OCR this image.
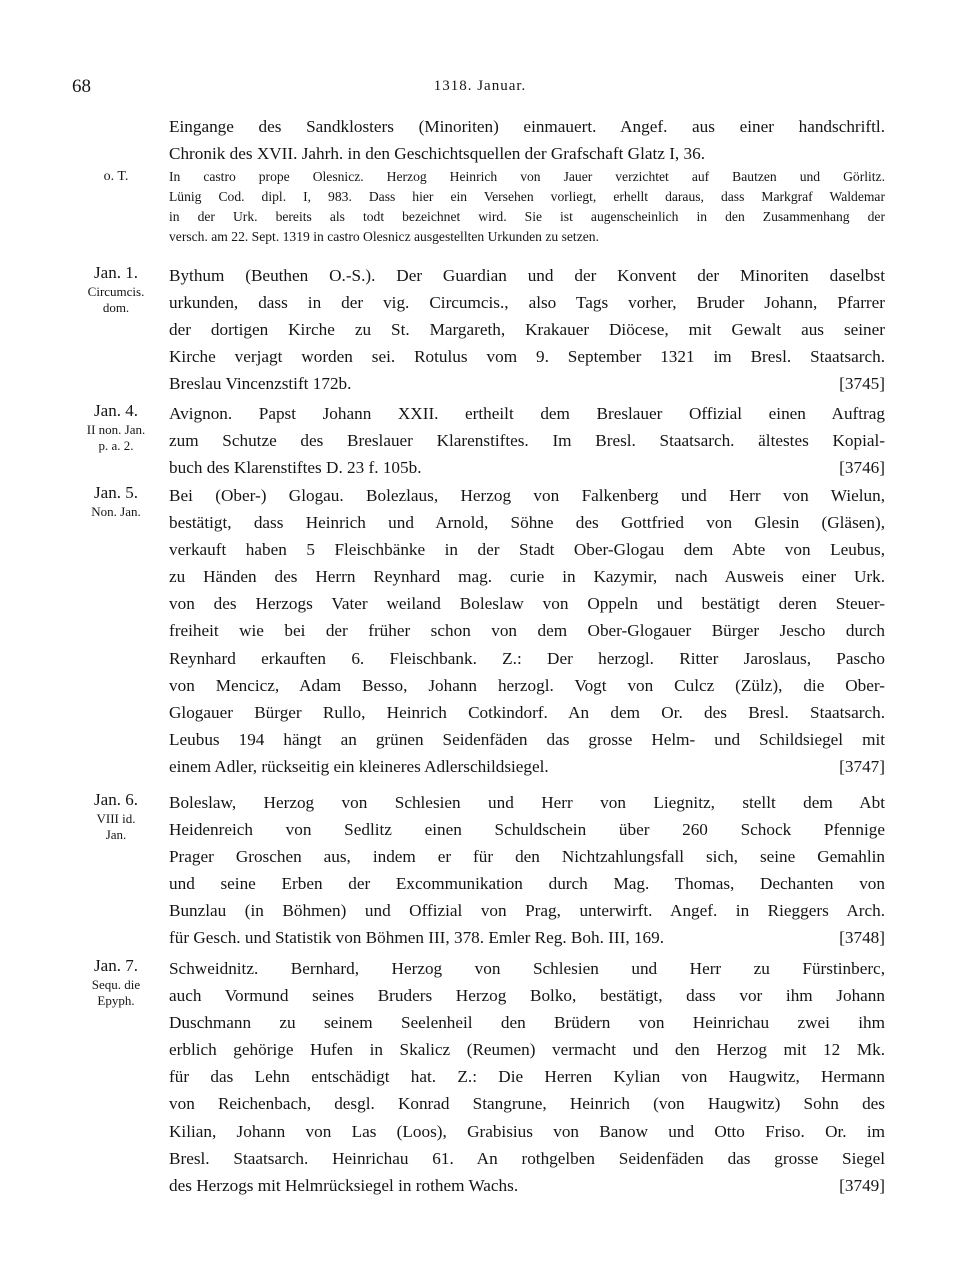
68	1318. Januar.
Eingange des Sandklosters (Minoriten) einmauert. Angef. aus einer handschriftl.
Chronik des XVII. Jahrh. in den Geschichtsquellen der Grafschaft Glatz I, 36.
o. T.	In castro prope Olesnicz. Herzog Heinrich von Jauer verzichtet auf Bautzen und Görlitz.
Lünig Cod. dipl. I, 983. Dass hier ein Versehen vorliegt, erhellt daraus, dass Markgraf Waldemar
in der Urk. bereits als todt bezeichnet wird. Sie ist augenscheinlich in den Zusammenhang der
versch. am 22. Sept. 1319 in castro Olesnicz ausgestellten Urkunden zu setzen.
Jan. 1.
Circumcis.
dom.
Bythum (Beuthen O.-S.). Der Guardian und der Konvent der Minoriten daselbst
urkunden, dass in der vig. Circumcis., also Tags vorher, Bruder Johann, Pfarrer
der dortigen Kirche zu St. Margareth, Krakauer Diöcese, mit Gewalt aus seiner
Kirche verjagt worden sei. Rotulus vom 9. September 1321 im Bresl. Staatsarch.
Breslau Vincenzstift 172b.	[3745]
Jan. 4.
II non. Jan.
p. a. 2.
Avignon. Papst Johann XXII. ertheilt dem Breslauer Offizial einen Auftrag
zum Schutze des Breslauer Klarenstiftes. Im Bresl. Staatsarch. ältestes Kopial-
buch des Klarenstiftes D. 23 f. 105b.	[3746]
Jan. 5.
Non. Jan.
Bei (Ober-) Glogau. Bolezlaus, Herzog von Falkenberg und Herr von Wielun,
bestätigt, dass Heinrich und Arnold, Söhne des Gottfried von Glesin (Gläsen),
verkauft haben 5 Fleischbänke in der Stadt Ober-Glogau dem Abte von Leubus,
zu Händen des Herrn Reynhard mag. curie in Kazymir, nach Ausweis einer Urk.
von des Herzogs Vater weiland Boleslaw von Oppeln und bestätigt deren Steuer-
freiheit wie bei der früher schon von dem Ober-Glogauer Bürger Jescho durch
Reynhard erkauften 6. Fleischbank. Z.: Der herzogl. Ritter Jaroslaus, Pascho
von Mencicz, Adam Besso, Johann herzogl. Vogt von Culcz (Zülz), die Ober-
Glogauer Bürger Rullo, Heinrich Cotkindorf. An dem Or. des Bresl. Staatsarch.
Leubus 194 hängt an grünen Seidenfäden das grosse Helm- und Schildsiegel mit
einem Adler, rückseitig ein kleineres Adlerschildsiegel.	[3747]
Jan. 6.
VIII id.
Jan.
Boleslaw, Herzog von Schlesien und Herr von Liegnitz, stellt dem Abt
Heidenreich von Sedlitz einen Schuldschein über 260 Schock Pfennige
Prager Groschen aus, indem er für den Nichtzahlungsfall sich, seine Gemahlin
und seine Erben der Excommunikation durch Mag. Thomas, Dechanten von
Bunzlau (in Böhmen) und Offizial von Prag, unterwirft. Angef. in Rieggers Arch.
für Gesch. und Statistik von Böhmen III, 378. Emler Reg. Boh. III, 169.	[3748]
Jan. 7.
Sequ. die
Epyph.
Schweidnitz. Bernhard, Herzog von Schlesien und Herr zu Fürstinberc,
auch Vormund seines Bruders Herzog Bolko, bestätigt, dass vor ihm Johann
Duschmann zu seinem Seelenheil den Brüdern von Heinrichau zwei ihm
erblich gehörige Hufen in Skalicz (Reumen) vermacht und den Herzog mit 12 Mk.
für das Lehn entschädigt hat. Z.: Die Herren Kylian von Haugwitz, Hermann
von Reichenbach, desgl. Konrad Stangrune, Heinrich (von Haugwitz) Sohn des
Kilian, Johann von Las (Loos), Grabisius von Banow und Otto Friso. Or. im
Bresl. Staatsarch. Heinrichau 61. An rothgelben Seidenfäden das grosse Siegel
des Herzogs mit Helmrücksiegel in rothem Wachs.	[3749]
